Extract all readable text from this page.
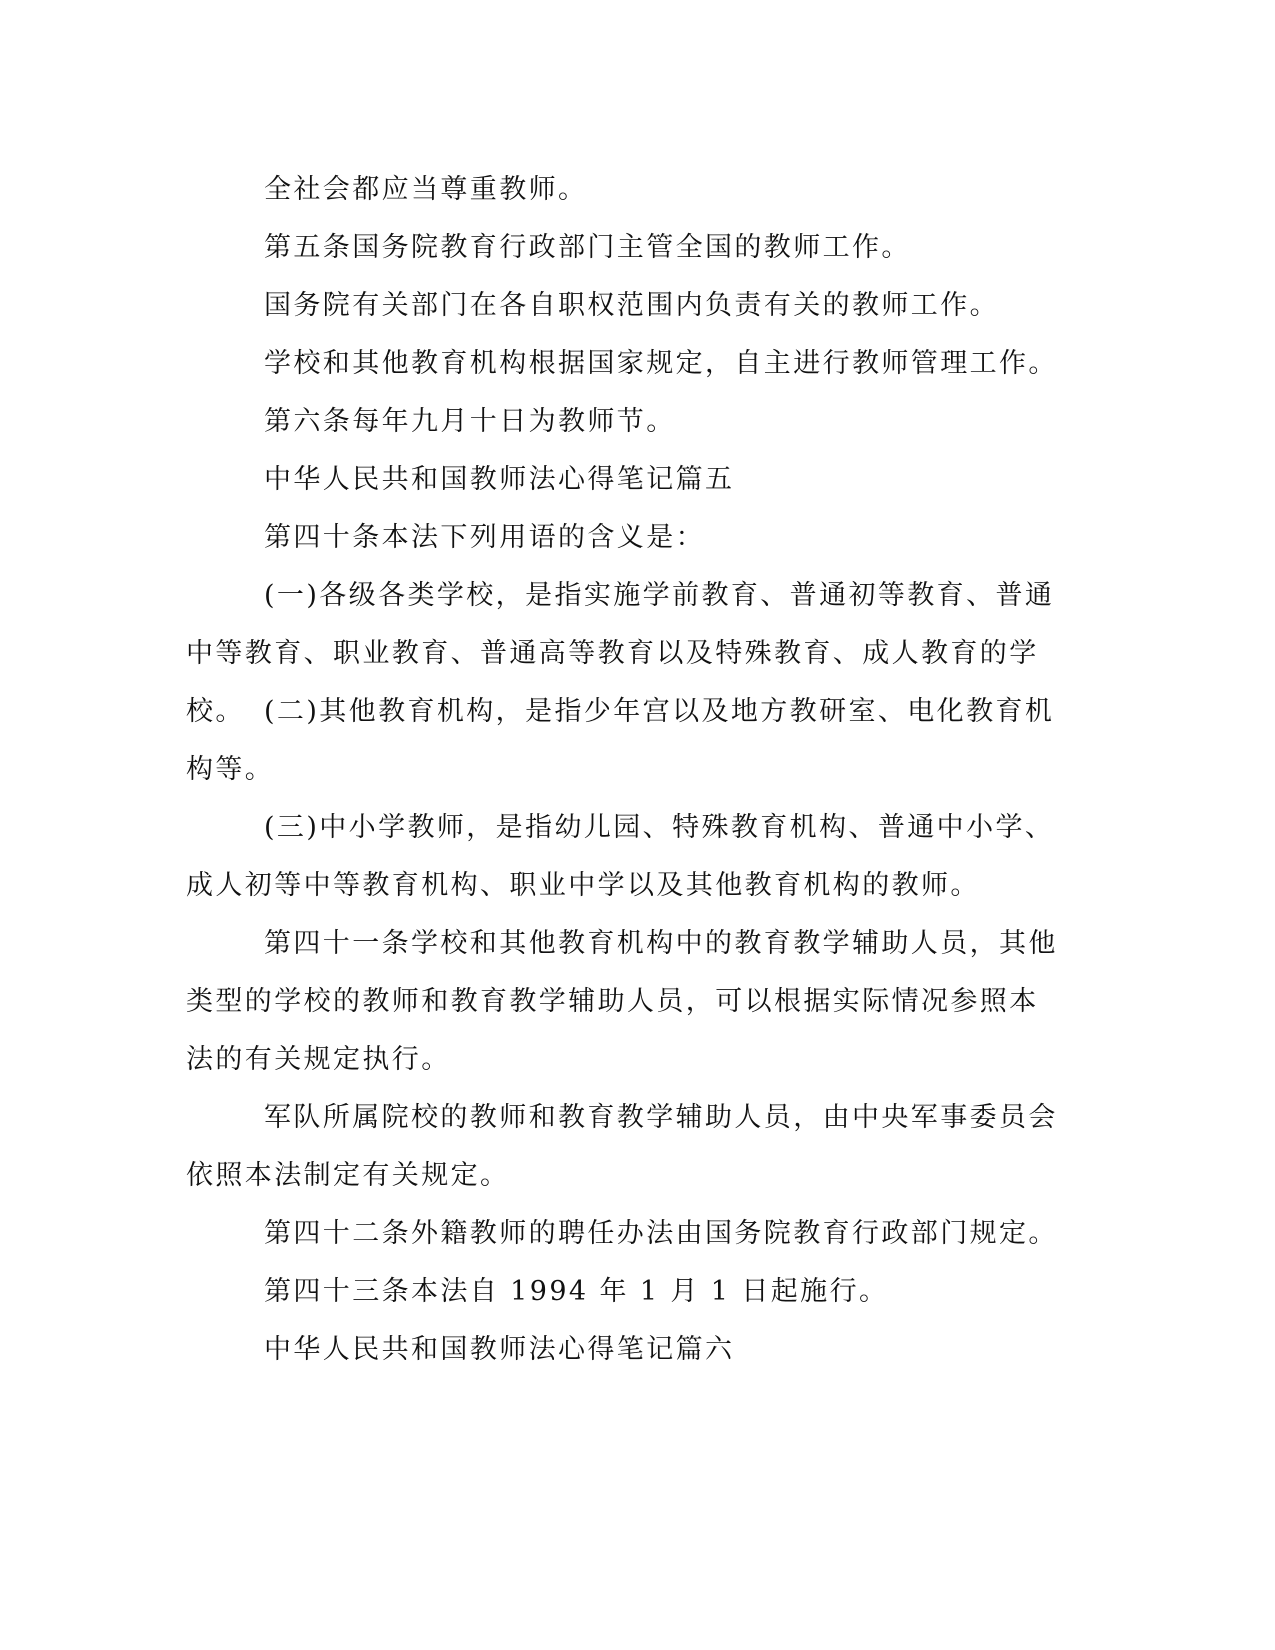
全社会都应当尊重教师。

第五条国务院教育行政部门主管全国的教师工作。

国务院有关部门在各自职权范围内负责有关的教师工作。

学校和其他教育机构根据国家规定，自主进行教师管理工作。

第六条每年九月十日为教师节。

中华人民共和国教师法心得笔记篇五

第四十条本法下列用语的含义是：

(一)各级各类学校，是指实施学前教育、普通初等教育、普通中等教育、职业教育、普通高等教育以及特殊教育、成人教育的学校。 (二)其他教育机构，是指少年宫以及地方教研室、电化教育机构等。

(三)中小学教师，是指幼儿园、特殊教育机构、普通中小学、成人初等中等教育机构、职业中学以及其他教育机构的教师。

第四十一条学校和其他教育机构中的教育教学辅助人员，其他类型的学校的教师和教育教学辅助人员，可以根据实际情况参照本法的有关规定执行。

军队所属院校的教师和教育教学辅助人员，由中央军事委员会依照本法制定有关规定。

第四十二条外籍教师的聘任办法由国务院教育行政部门规定。

第四十三条本法自 1994 年 1 月 1 日起施行。

中华人民共和国教师法心得笔记篇六
